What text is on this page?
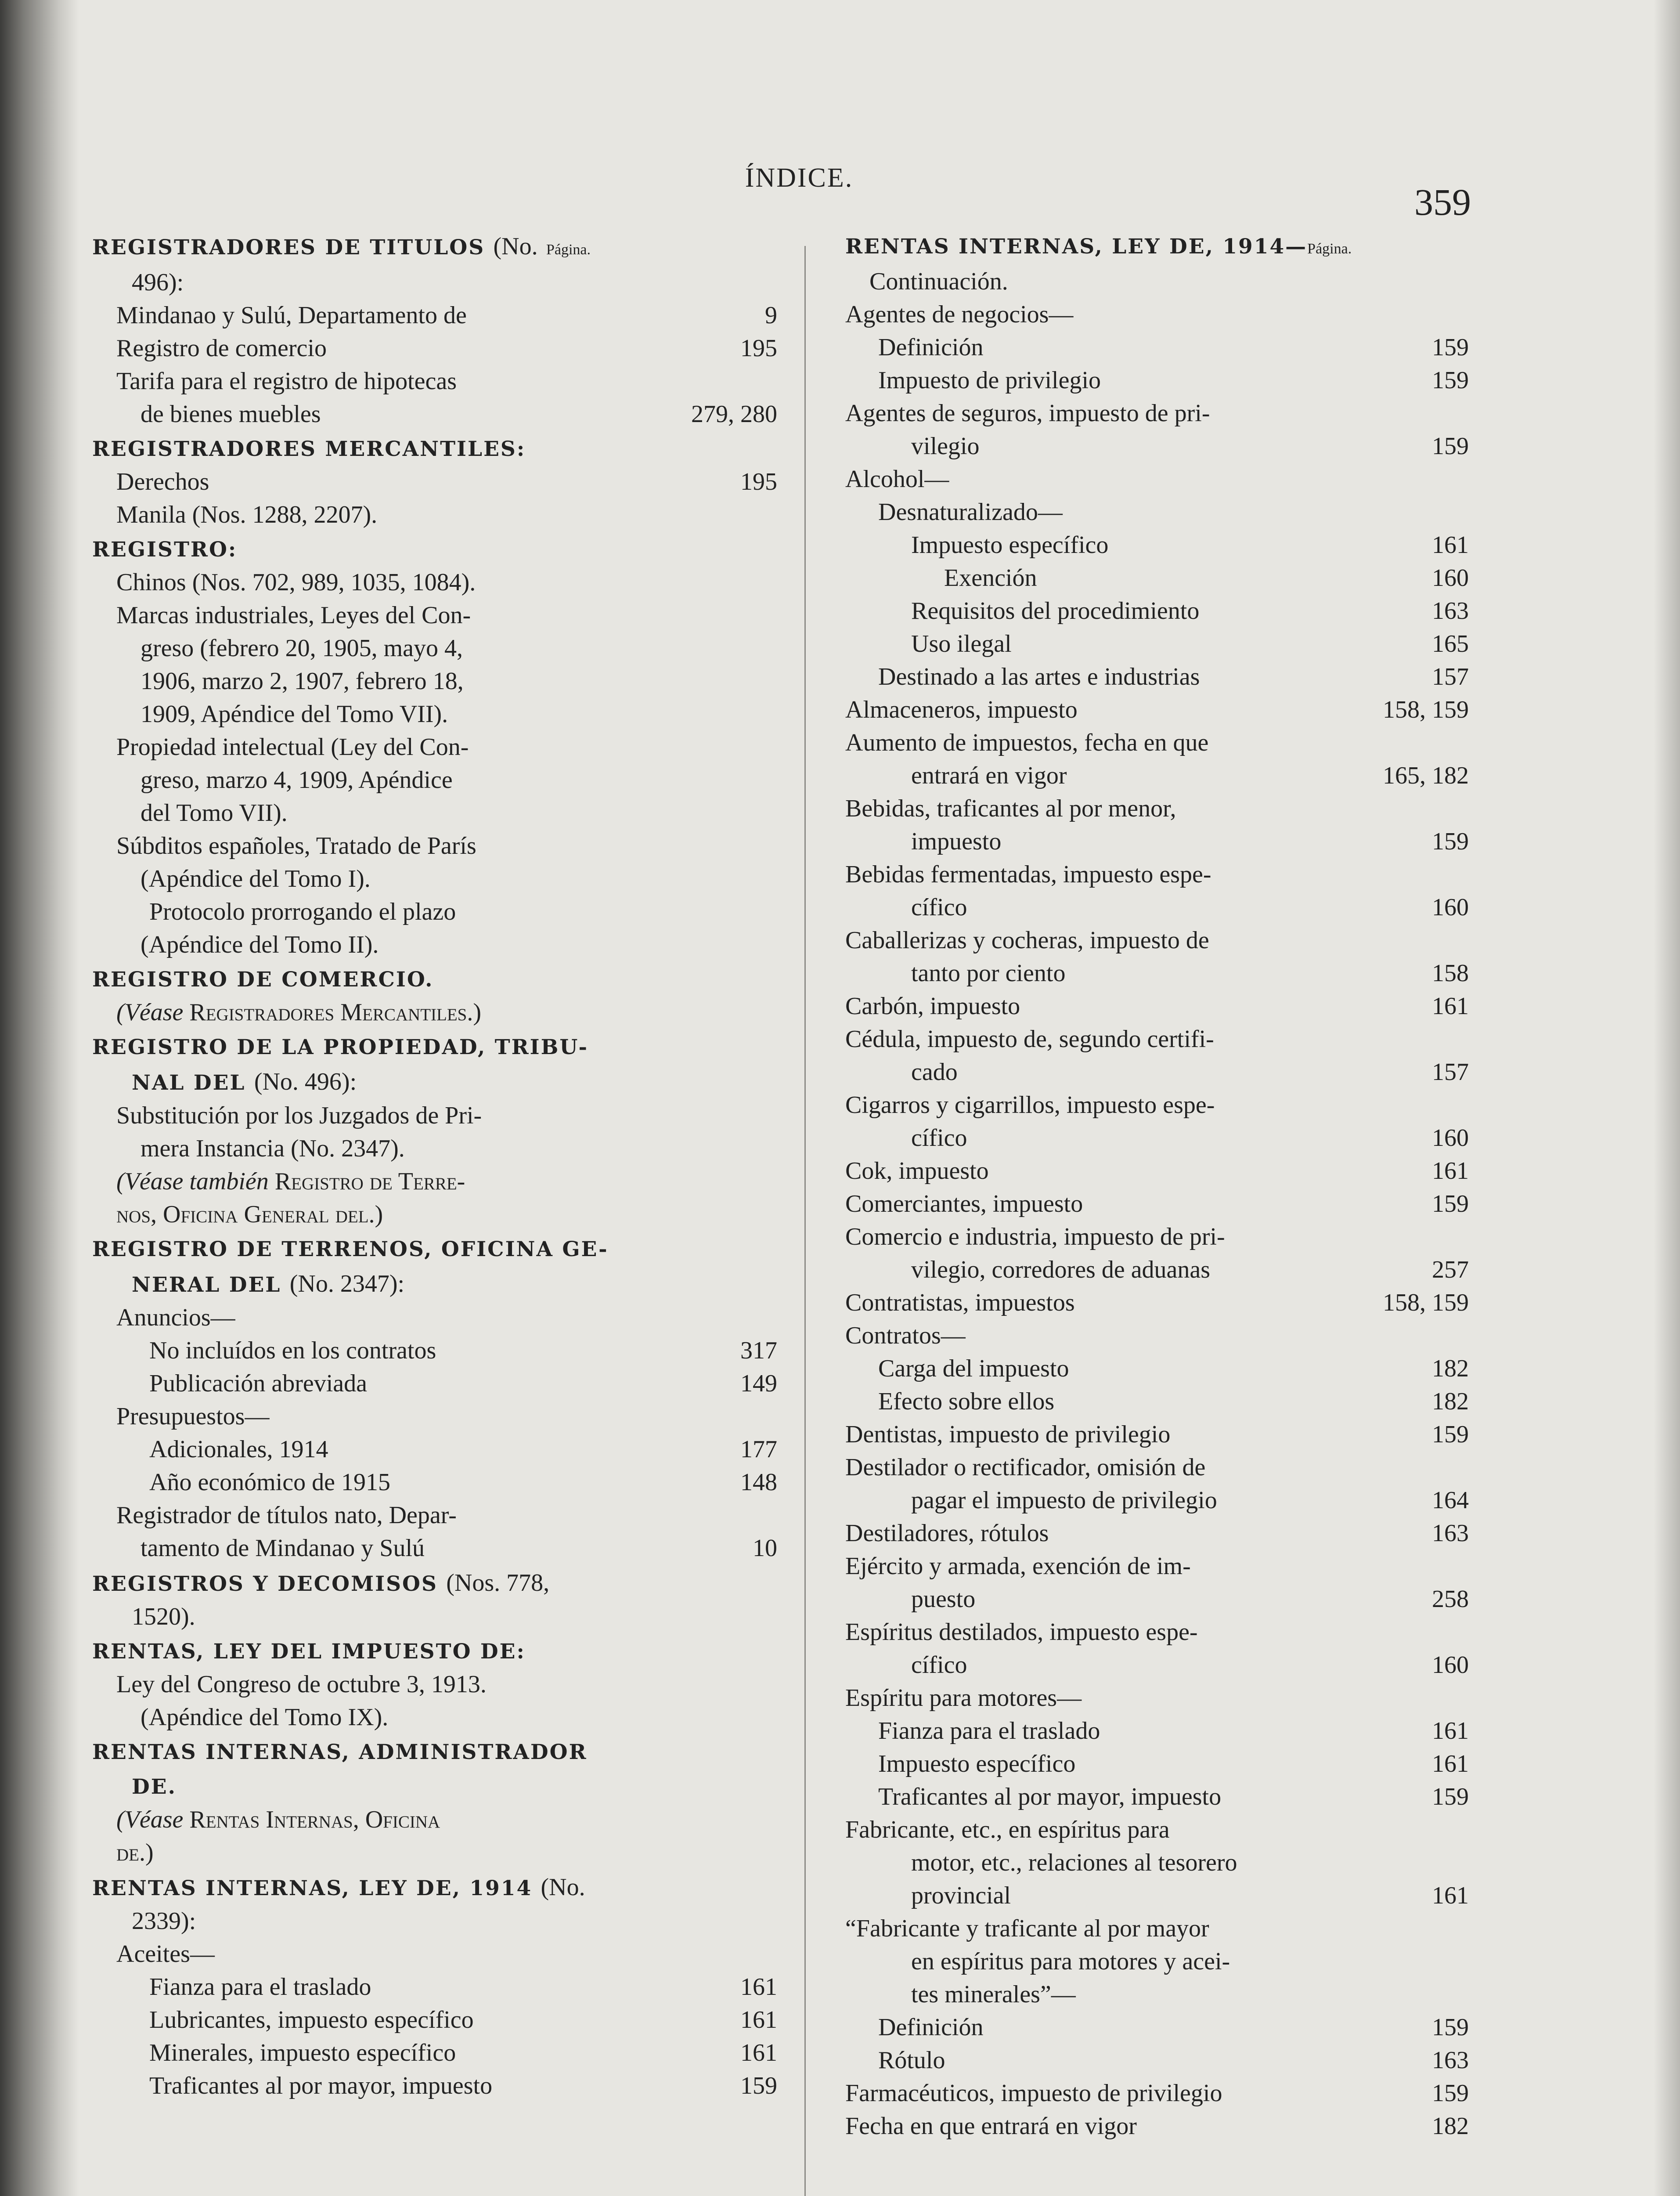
ÍNDICE.
359
REGISTRADORES DE TITULOS (No. Página.
496):
Mindanao y Sulú, Departamento de	9
Registro de comercio	195
Tarifa para el registro de hipotecas
de bienes muebles	279, 280
REGISTRADORES MERCANTILES:
Derechos	195
Manila (Nos. 1288, 2207).
REGISTRO:
Chinos (Nos. 702, 989, 1035, 1084).
Marcas industriales, Leyes del Con-
greso (febrero 20, 1905, mayo 4,
1906, marzo 2, 1907, febrero 18,
1909, Apéndice del Tomo VII).
Propiedad intelectual (Ley del Con-
greso, marzo 4, 1909, Apéndice
del Tomo VII).
Súbditos españoles, Tratado de París
(Apéndice del Tomo I).
Protocolo prorrogando el plazo
(Apéndice del Tomo II).
REGISTRO DE COMERCIO.
(Véase Registradores Mercantiles.)
REGISTRO DE LA PROPIEDAD, TRIBU-
NAL DEL (No. 496):
Substitución por los Juzgados de Pri-
mera Instancia (No. 2347).
(Véase también Registro de Terre-
nos, Oficina General del.)
REGISTRO DE TERRENOS, OFICINA GE-
NERAL DEL (No. 2347):
Anuncios—
No incluídos en los contratos	317
Publicación abreviada	149
Presupuestos—
Adicionales, 1914	177
Año económico de 1915	148
Registrador de títulos nato, Depar-
tamento de Mindanao y Sulú	10
REGISTROS Y DECOMISOS (Nos. 778,
1520).
RENTAS, LEY DEL IMPUESTO DE:
Ley del Congreso de octubre 3, 1913.
(Apéndice del Tomo IX).
RENTAS INTERNAS, ADMINISTRADOR
DE.
(Véase Rentas Internas, Oficina
de.)
RENTAS INTERNAS, LEY DE, 1914 (No.
2339):
Aceites—
Fianza para el traslado	161
Lubricantes, impuesto específico	161
Minerales, impuesto específico	161
Traficantes al por mayor, impuesto	159
RENTAS INTERNAS, LEY DE, 1914—Página.
Continuación.
Agentes de negocios—
Definición	159
Impuesto de privilegio	159
Agentes de seguros, impuesto de pri-
vilegio	159
Alcohol—
Desnaturalizado—
Impuesto específico	161
Exención	160
Requisitos del procedimiento	163
Uso ilegal	165
Destinado a las artes e industrias	157
Almaceneros, impuesto	158, 159
Aumento de impuestos, fecha en que
entrará en vigor	165, 182
Bebidas, traficantes al por menor,
impuesto	159
Bebidas fermentadas, impuesto espe-
cífico	160
Caballerizas y cocheras, impuesto de
tanto por ciento	158
Carbón, impuesto	161
Cédula, impuesto de, segundo certifi-
cado	157
Cigarros y cigarrillos, impuesto espe-
cífico	160
Cok, impuesto	161
Comerciantes, impuesto	159
Comercio e industria, impuesto de pri-
vilegio, corredores de aduanas	257
Contratistas, impuestos	158, 159
Contratos—
Carga del impuesto	182
Efecto sobre ellos	182
Dentistas, impuesto de privilegio	159
Destilador o rectificador, omisión de
pagar el impuesto de privilegio	164
Destiladores, rótulos	163
Ejército y armada, exención de im-
puesto	258
Espíritus destilados, impuesto espe-
cífico	160
Espíritu para motores—
Fianza para el traslado	161
Impuesto específico	161
Traficantes al por mayor, impuesto	159
Fabricante, etc., en espíritus para
motor, etc., relaciones al tesorero
provincial	161
“Fabricante y traficante al por mayor
en espíritus para motores y acei-
tes minerales”—
Definición	159
Rótulo	163
Farmacéuticos, impuesto de privilegio	159
Fecha en que entrará en vigor	182
